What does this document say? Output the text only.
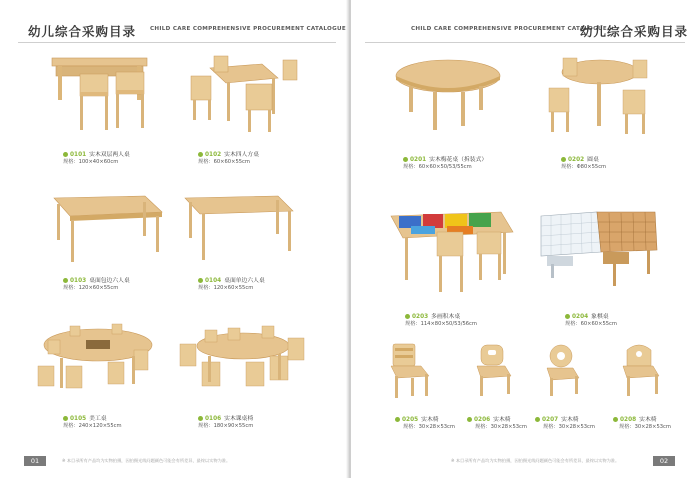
幼儿综合采购目录 CHILD CARE COMPREHENSIVE PROCUREMENT CATALOGUE
0101 实木双层两人桌
规格：100×40×60cm
0102 实木四人方桌
规格：60×60×55cm
0103 桌面包边六人桌
规格：120×60×55cm
0104 桌面单边六人桌
规格：120×60×55cm
0105 美工桌
规格：240×120×55cm
0106 实木课桌椅
规格：180×90×55cm
01	※ 本目录所有产品均为实物拍摄，因拍摄光线问题颜色可能会有所差异，最终以实物为准。
CHILD CARE COMPREHENSIVE PROCUREMENT CATALOGUE
幼儿综合采购目录
0201 实木梅花桌（拆装式）
规格：60×60×50/53/55cm
0202 圆桌
规格：Φ80×55cm
0203 多画积木桌
规格：114×80×50/53/56cm
0204 象棋桌
规格：60×60×55cm
0205 实木椅
规格：30×28×53cm
0206 实木椅
规格：30×28×53cm
0207 实木椅
规格：30×28×53cm
0208 实木椅
规格：30×28×53cm
※ 本目录所有产品均为实物拍摄，因拍摄光线问题颜色可能会有所差异，最终以实物为准。	02
